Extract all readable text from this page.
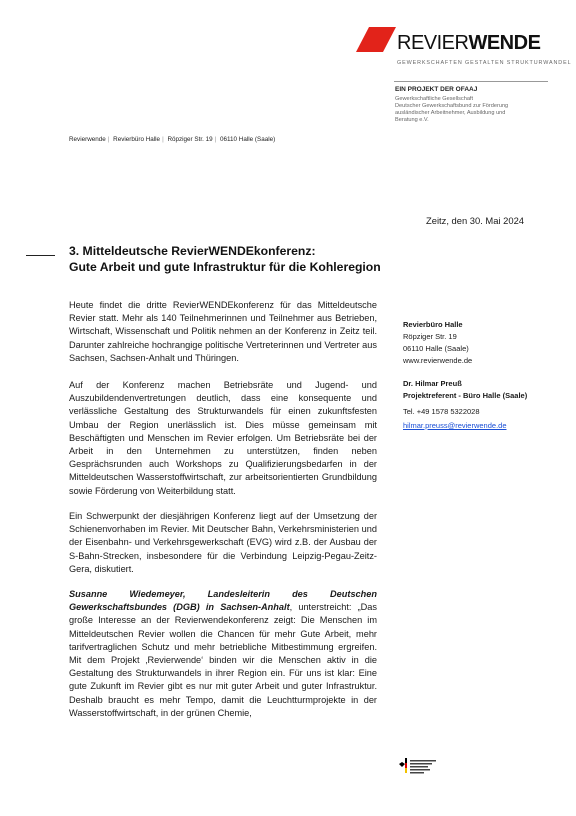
REVIERWENDE
GEWERKSCHAFTEN GESTALTEN STRUKTURWANDEL
EIN PROJEKT DER OFAAJ
Gewerkschaftliche Gesellschaft
Deutscher Gewerkschaftsbund zur Förderung
ausländischer Arbeitnehmer, Ausbildung und
Beratung e.V.
Revierwende | Revierbüro Halle | Röpziger Str. 19 | 06110 Halle (Saale)
Zeitz, den 30. Mai 2024
3. Mitteldeutsche RevierWENDEkonferenz:
Gute Arbeit und gute Infrastruktur für die Kohleregion
Heute findet die dritte RevierWENDEkonferenz für das Mitteldeutsche Revier statt. Mehr als 140 Teilnehmerinnen und Teilnehmer aus Betrieben, Wirtschaft, Wissenschaft und Politik nehmen an der Konferenz in Zeitz teil. Darunter zahlreiche hochrangige politische Vertreterinnen und Vertreter aus Sachsen, Sachsen-Anhalt und Thüringen.
Auf der Konferenz machen Betriebsräte und Jugend- und Auszubildendenvertretungen deutlich, dass eine konsequente und verlässliche Gestaltung des Strukturwandels für einen zukunftsfesten Umbau der Region unerlässlich ist. Dies müsse gemeinsam mit Beschäftigten und Menschen im Revier erfolgen. Um Betriebsräte bei der Arbeit in den Unternehmen zu unterstützen, finden neben Gesprächsrunden auch Workshops zu Qualifizierungsbedarfen in der Mitteldeutschen Wasserstoffwirtschaft, zur arbeitsorientierten Grundbildung sowie Förderung von Weiterbildung statt.
Ein Schwerpunkt der diesjährigen Konferenz liegt auf der Umsetzung der Schienenvorhaben im Revier. Mit Deutscher Bahn, Verkehrsministerien und der Eisenbahn- und Verkehrsgewerkschaft (EVG) wird z.B. der Ausbau der S-Bahn-Strecken, insbesondere für die Verbindung Leipzig-Pegau-Zeitz-Gera, diskutiert.
Susanne Wiedemeyer, Landesleiterin des Deutschen Gewerkschaftsbundes (DGB) in Sachsen-Anhalt, unterstreicht: „Das große Interesse an der Revierwendekonferenz zeigt: Die Menschen im Mitteldeutschen Revier wollen die Chancen für mehr Gute Arbeit, mehr tarifvertraglichen Schutz und mehr betriebliche Mitbestimmung ergreifen. Mit dem Projekt ‚Revierwende‘ binden wir die Menschen aktiv in die Gestaltung des Strukturwandels in ihrer Region ein. Für uns ist klar: Eine gute Zukunft im Revier gibt es nur mit guter Arbeit und guter Infrastruktur. Deshalb braucht es mehr Tempo, damit die Leuchtturmprojekte in der Wasserstoffwirtschaft, in der grünen Chemie,
Revierbüro Halle
Röpziger Str. 19
06110 Halle (Saale)
www.revierwende.de
Dr. Hilmar Preuß
Projektreferent - Büro Halle (Saale)
Tel. +49 1578 5322028
hilmar.preuss@revierwende.de
